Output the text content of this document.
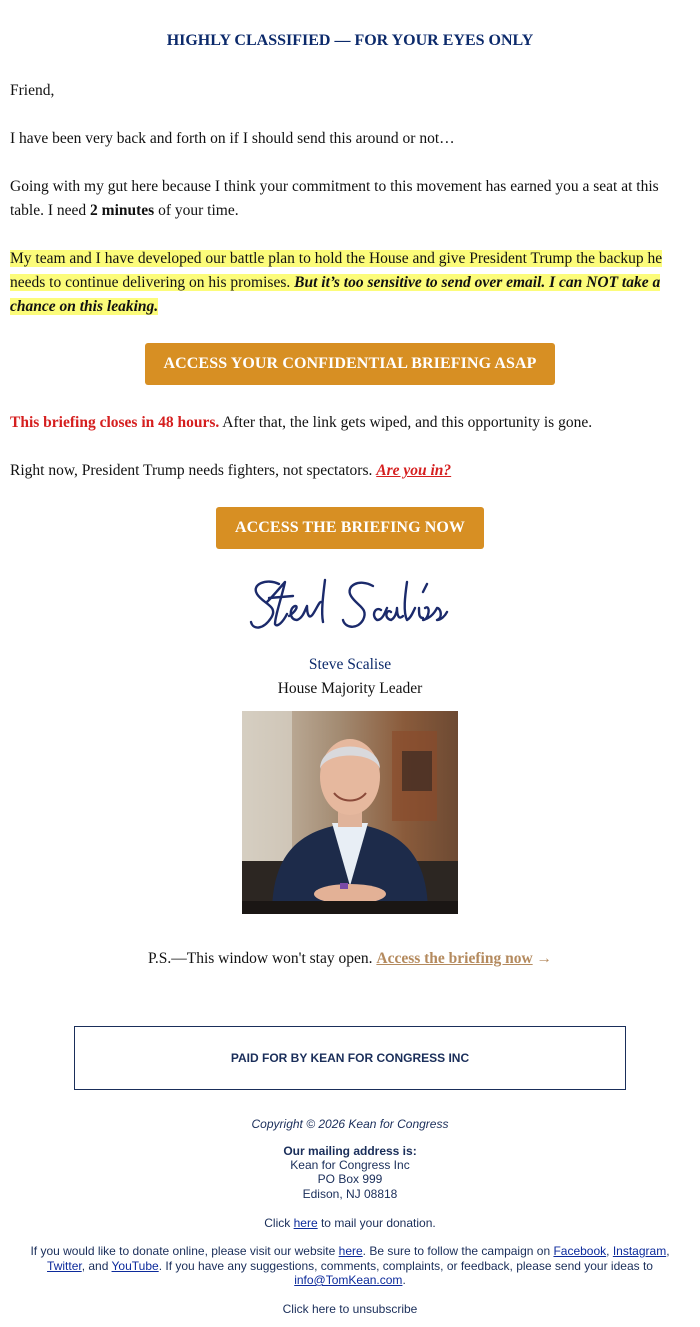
HIGHLY CLASSIFIED — FOR YOUR EYES ONLY
Friend,
I have been very back and forth on if I should send this around or not…
Going with my gut here because I think your commitment to this movement has earned you a seat at this table. I need 2 minutes of your time.
My team and I have developed our battle plan to hold the House and give President Trump the backup he needs to continue delivering on his promises. But it’s too sensitive to send over email. I can NOT take a chance on this leaking.
ACCESS YOUR CONFIDENTIAL BRIEFING ASAP
This briefing closes in 48 hours. After that, the link gets wiped, and this opportunity is gone.
Right now, President Trump needs fighters, not spectators. Are you in?
ACCESS THE BRIEFING NOW
Steve Scalise
House Majority Leader
P.S.—This window won't stay open. Access the briefing now →
PAID FOR BY KEAN FOR CONGRESS INC
Copyright © 2026 Kean for Congress
Our mailing address is:
Kean for Congress Inc
PO Box 999
Edison, NJ 08818
Click here to mail your donation.
If you would like to donate online, please visit our website here. Be sure to follow the campaign on Facebook, Instagram,
Twitter, and YouTube. If you have any suggestions, comments, complaints, or feedback, please send your ideas to
info@TomKean.com.
Click here to unsubscribe
